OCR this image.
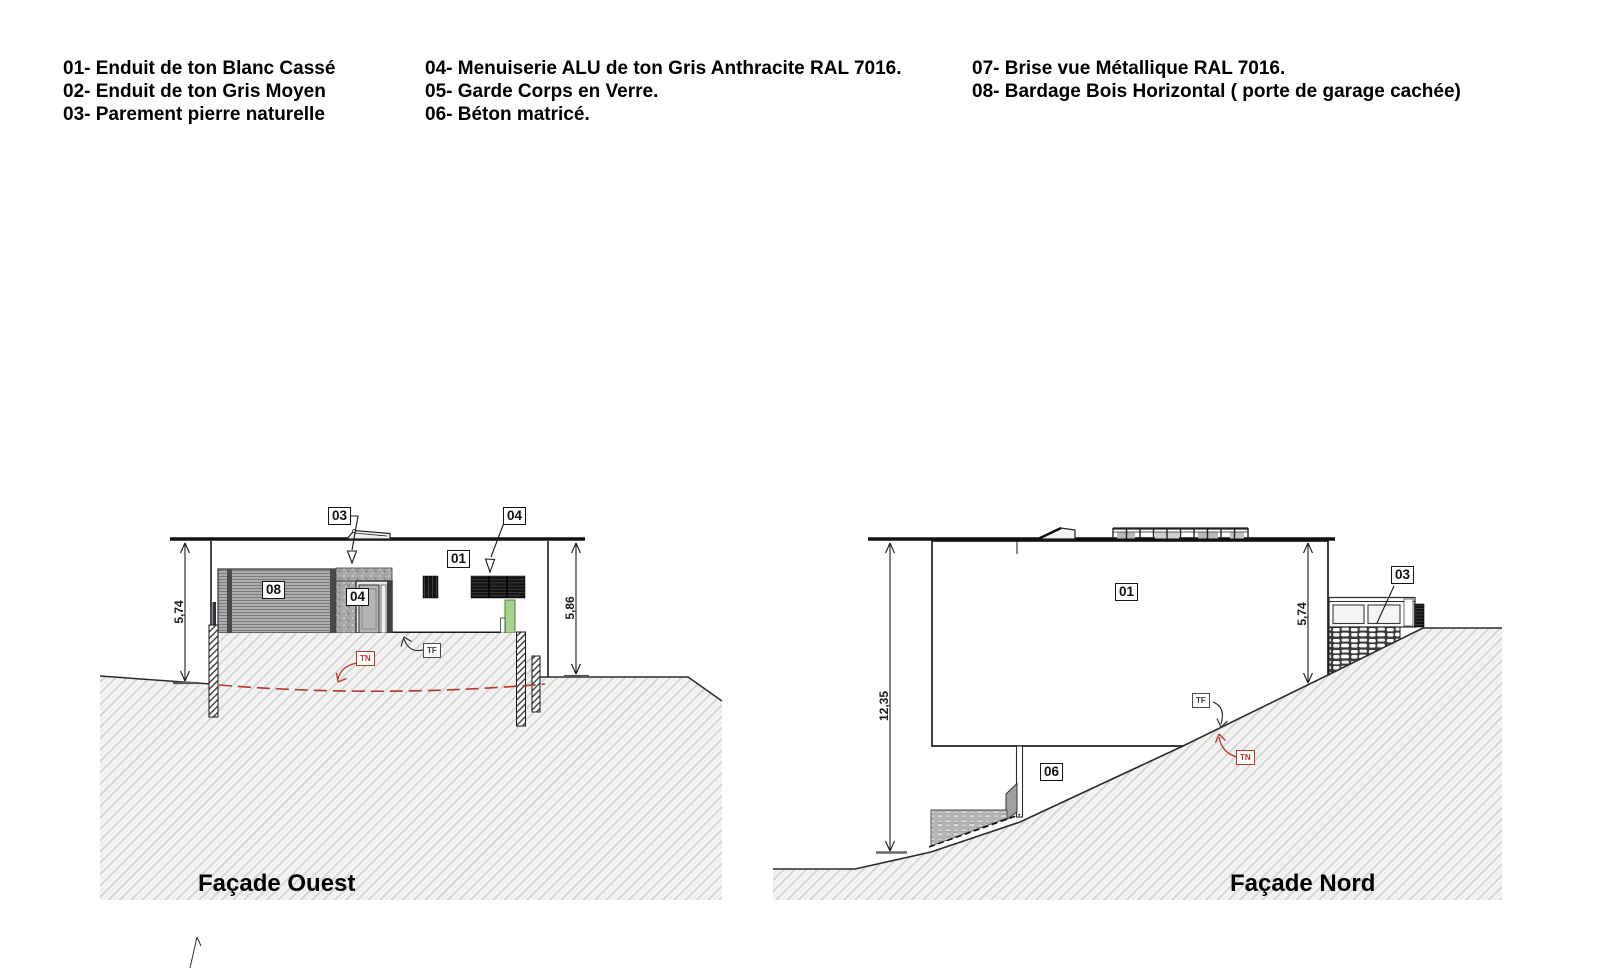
01- Enduit de ton Blanc Cassé
02- Enduit de ton Gris Moyen
03- Parement pierre naturelle
04- Menuiserie ALU de ton Gris Anthracite RAL 7016.
05- Garde Corps en Verre.
06- Béton matricé.
07- Brise vue Métallique RAL 7016.
08- Bardage Bois Horizontal ( porte de garage cachée)
03	04
01
08	04
TF
TN
5,74	5,86
Façade Ouest
01
03
06
TF
TN
12,35
5,74
Façade Nord
